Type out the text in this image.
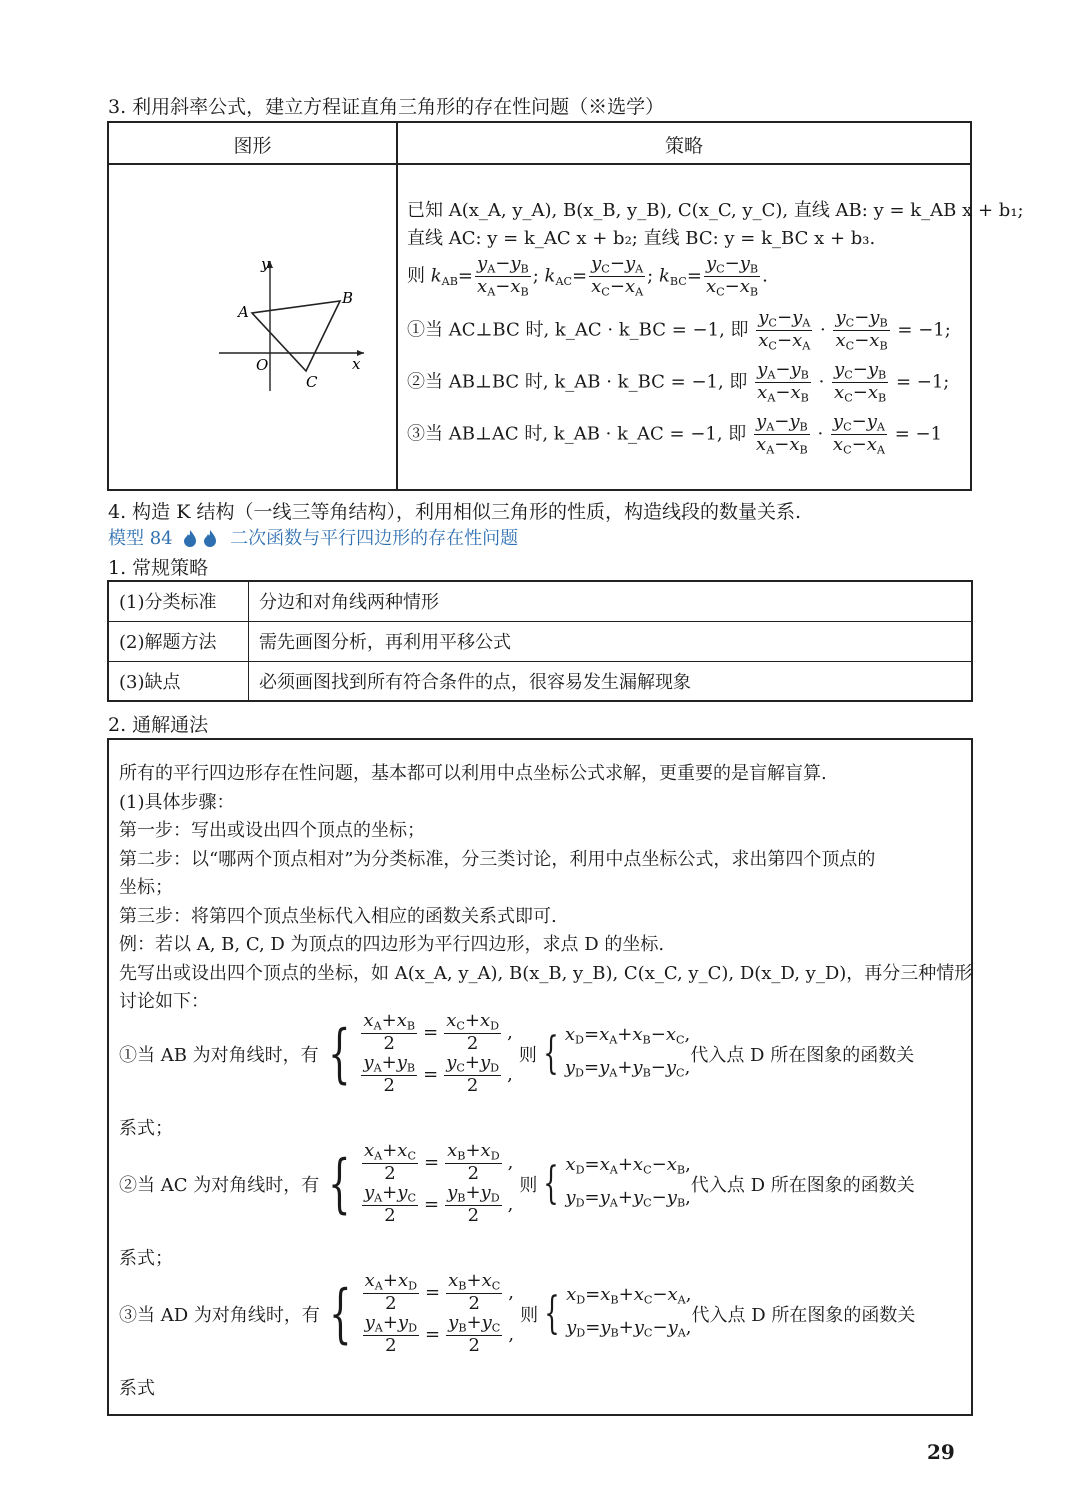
3. 利用斜率公式，建立方程证直角三角形的存在性问题（※选学）
图形	策略
y
x
O
A
B
C
已知 A(x_A, y_A), B(x_B, y_B), C(x_C, y_C), 直线 AB: y = k_AB x + b₁;
直线 AC: y = k_AC x + b₂; 直线 BC: y = k_BC x + b₃.
则 $k_{AB}= \frac{y_A-y_B}{x_A-x_B}$ ; $k_{AC}= \frac{y_C-y_A}{x_C-x_A}$ ; $k_{BC}= \frac{y_C-y_B}{x_C-x_B}$ .
①当 AC⊥BC 时, k_AC · k_BC = −1, 即 $\frac{y_C-y_A}{x_C-x_A} \cdot \frac{y_C-y_B}{x_C-x_B} = -1$;
②当 AB⊥BC 时, k_AB · k_BC = −1, 即 $\frac{y_A-y_B}{x_A-x_B} \cdot \frac{y_C-y_B}{x_C-x_B} = -1$;
③当 AB⊥AC 时, k_AB · k_AC = −1, 即 $\frac{y_A-y_B}{x_A-x_B} \cdot \frac{y_C-y_A}{x_C-x_A} = -1$
4. 构造 K 结构（一线三等角结构），利用相似三角形的性质，构造线段的数量关系.
模型 84	二次函数与平行四边形的存在性问题
1. 常规策略
(1)分类标准	分边和对角线两种情形
(2)解题方法	需先画图分析，再利用平移公式
(3)缺点	必须画图找到所有符合条件的点，很容易发生漏解现象
2. 通解通法
所有的平行四边形存在性问题，基本都可以利用中点坐标公式求解，更重要的是盲解盲算.
(1)具体步骤：
第一步：写出或设出四个顶点的坐标；
第二步：以“哪两个顶点相对”为分类标准，分三类讨论，利用中点坐标公式，求出第四个顶点的
坐标；
第三步：将第四个顶点坐标代入相应的函数关系式即可.
例：若以 A, B, C, D 为顶点的四边形为平行四边形，求点 D 的坐标.
先写出或设出四个顶点的坐标，如 A(x_A, y_A), B(x_B, y_B), C(x_C, y_C), D(x_D, y_D)，再分三种情形
讨论如下：
①当 AB 为对角线时，有 { $\frac{x_A+x_B}{2} = \frac{x_C+x_D}{2}$ ,
$\frac{y_A+y_B}{2} = \frac{y_C+y_D}{2}$ ,
则 { $x_D=x_A+x_B-x_C$,
$y_D=y_A+y_B-y_C$,
代入点 D 所在图象的函数关
系式；
②当 AC 为对角线时，有 { $\frac{x_A+x_C}{2} = \frac{x_B+x_D}{2}$ ,
$\frac{y_A+y_C}{2} = \frac{y_B+y_D}{2}$ ,
则 { $x_D=x_A+x_C-x_B$,
$y_D=y_A+y_C-y_B$,
代入点 D 所在图象的函数关
系式；
③当 AD 为对角线时，有 { $\frac{x_A+x_D}{2} = \frac{x_B+x_C}{2}$ ,
$\frac{y_A+y_D}{2} = \frac{y_B+y_C}{2}$ ,
则 { $x_D=x_B+x_C-x_A$,
$y_D=y_B+y_C-y_A$,
代入点 D 所在图象的函数关
系式
29
